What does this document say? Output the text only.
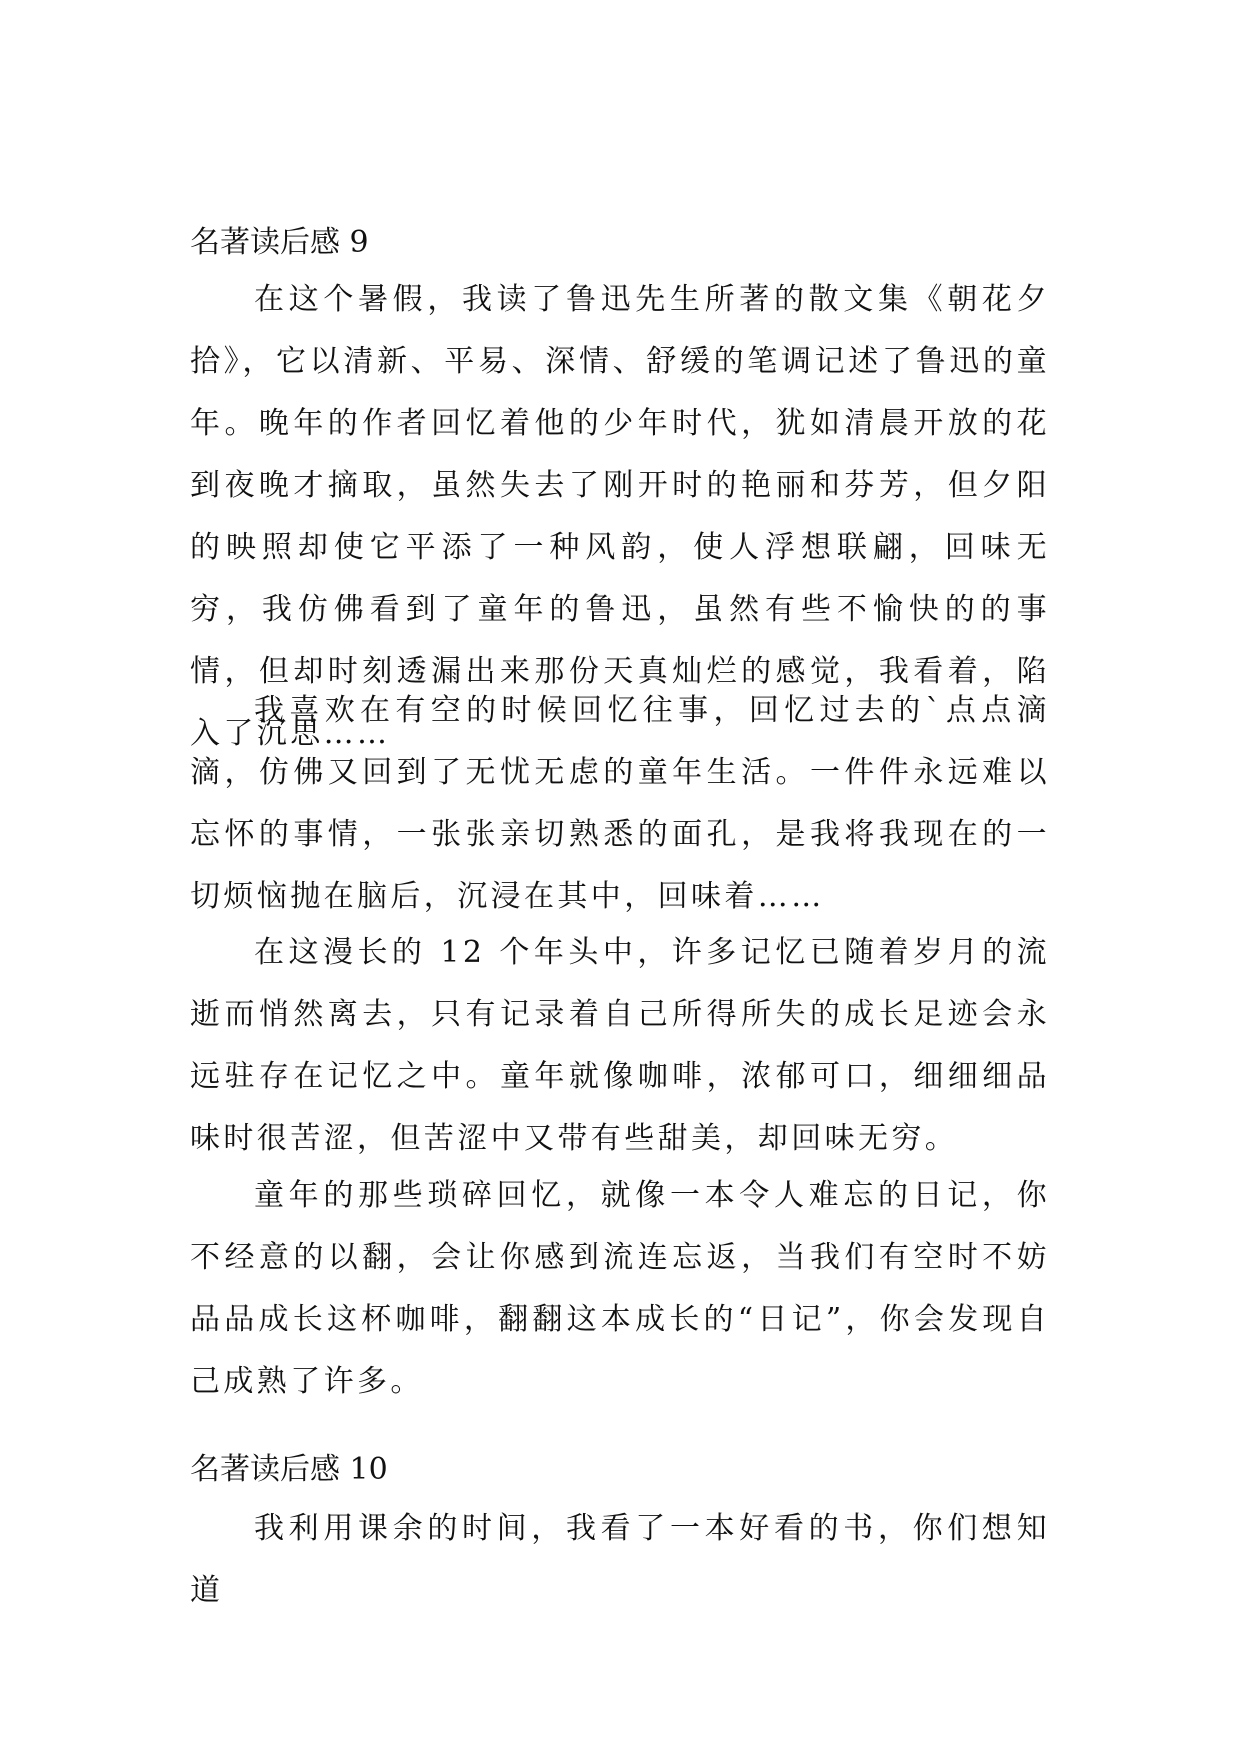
名著读后感 9

在这个暑假，我读了鲁迅先生所著的散文集《朝花夕拾》，它以清新、平易、深情、舒缓的笔调记述了鲁迅的童年。晚年的作者回忆着他的少年时代，犹如清晨开放的花到夜晚才摘取，虽然失去了刚开时的艳丽和芬芳，但夕阳的映照却使它平添了一种风韵，使人浮想联翩，回味无穷，我仿佛看到了童年的鲁迅，虽然有些不愉快的的事情，但却时刻透漏出来那份天真灿烂的感觉，我看着，陷入了沉思……

我喜欢在有空的时候回忆往事，回忆过去的`点点滴滴，仿佛又回到了无忧无虑的童年生活。一件件永远难以忘怀的事情，一张张亲切熟悉的面孔，是我将我现在的一切烦恼抛在脑后，沉浸在其中，回味着……

在这漫长的 12 个年头中，许多记忆已随着岁月的流逝而悄然离去，只有记录着自己所得所失的成长足迹会永远驻存在记忆之中。童年就像咖啡，浓郁可口，细细细品味时很苦涩，但苦涩中又带有些甜美，却回味无穷。

童年的那些琐碎回忆，就像一本令人难忘的日记，你不经意的以翻，会让你感到流连忘返，当我们有空时不妨品品成长这杯咖啡，翻翻这本成长的“日记”，你会发现自己成熟了许多。

名著读后感 10

我利用课余的时间，我看了一本好看的书，你们想知道
